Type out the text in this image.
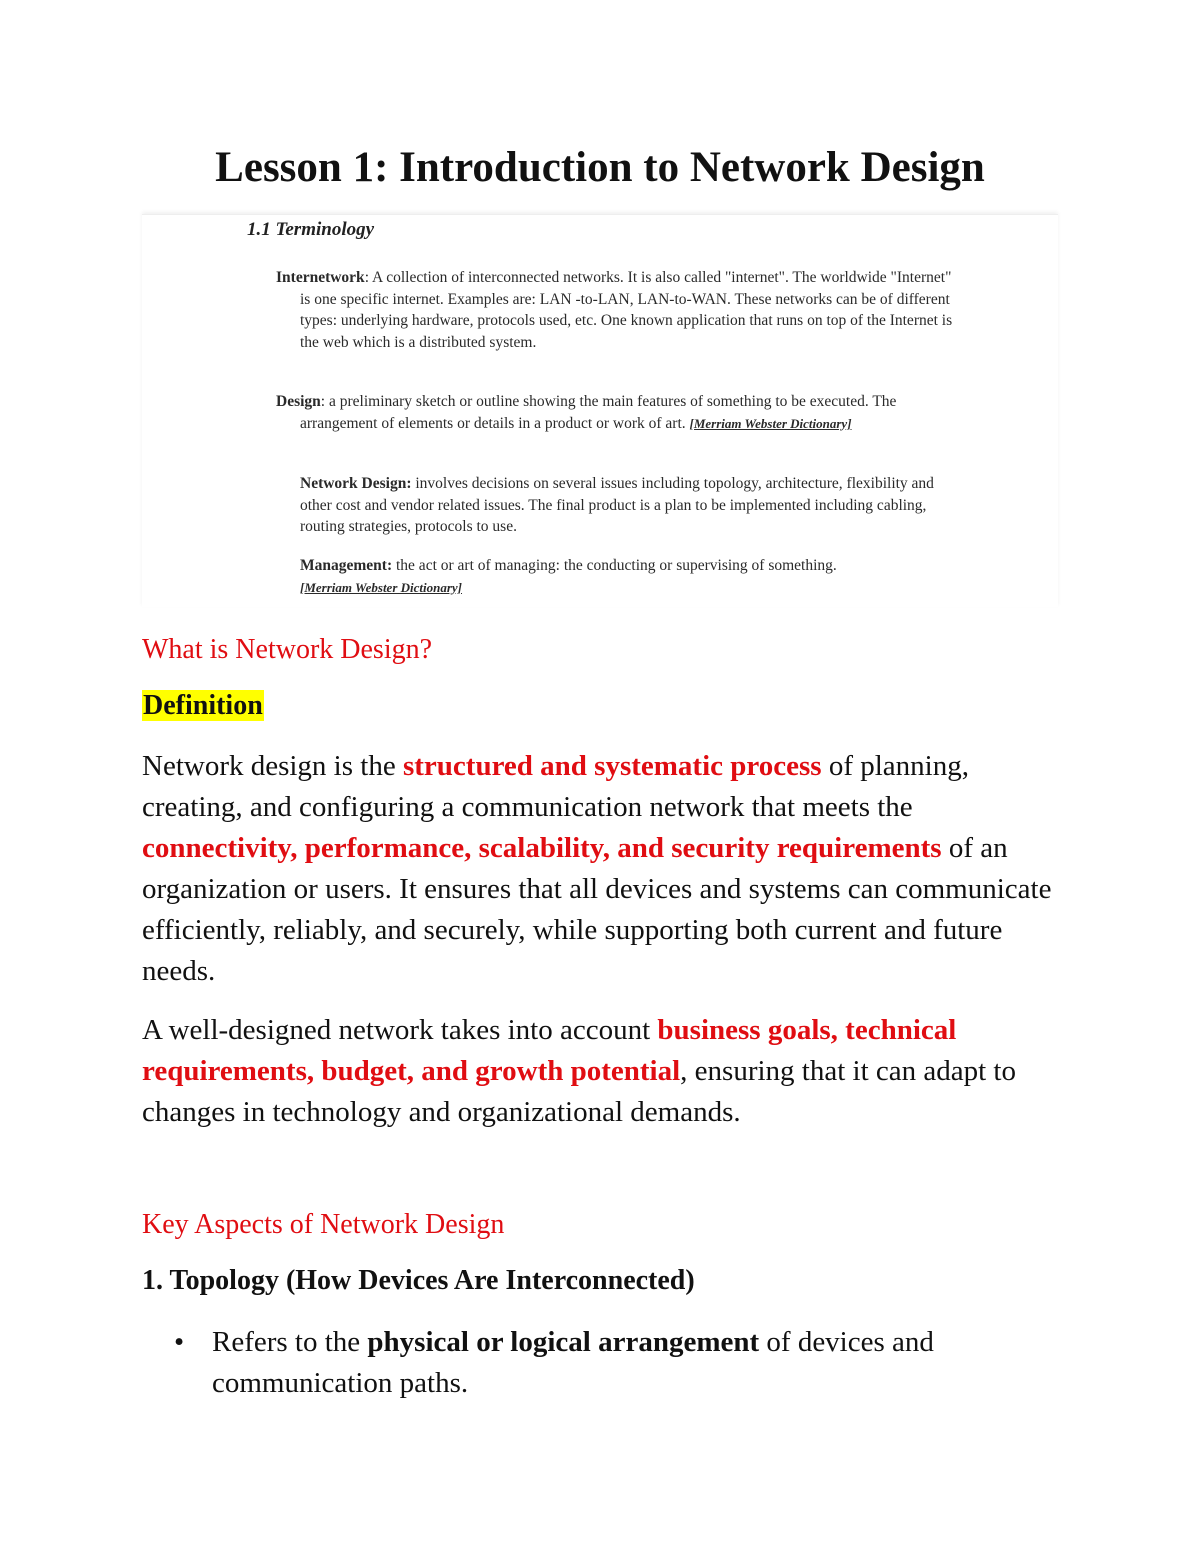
Lesson 1: Introduction to Network Design
1.1 Terminology

Internetwork: A collection of interconnected networks. It is also called "internet". The worldwide "Internet" is one specific internet. Examples are: LAN -to-LAN, LAN-to-WAN. These networks can be of different types: underlying hardware, protocols used, etc. One known application that runs on top of the Internet is the web which is a distributed system.

Design: a preliminary sketch or outline showing the main features of something to be executed. The arrangement of elements or details in a product or work of art. [Merriam Webster Dictionary]

Network Design: involves decisions on several issues including topology, architecture, flexibility and other cost and vendor related issues. The final product is a plan to be implemented including cabling, routing strategies, protocols to use.

Management: the act or art of managing: the conducting or supervising of something.
[Merriam Webster Dictionary]

What is Network Design?
Definition

Network design is the structured and systematic process of planning, creating, and configuring a communication network that meets the connectivity, performance, scalability, and security requirements of an organization or users. It ensures that all devices and systems can communicate efficiently, reliably, and securely, while supporting both current and future needs.

A well-designed network takes into account business goals, technical requirements, budget, and growth potential, ensuring that it can adapt to changes in technology and organizational demands.

Key Aspects of Network Design
1. Topology (How Devices Are Interconnected)
• Refers to the physical or logical arrangement of devices and communication paths.
